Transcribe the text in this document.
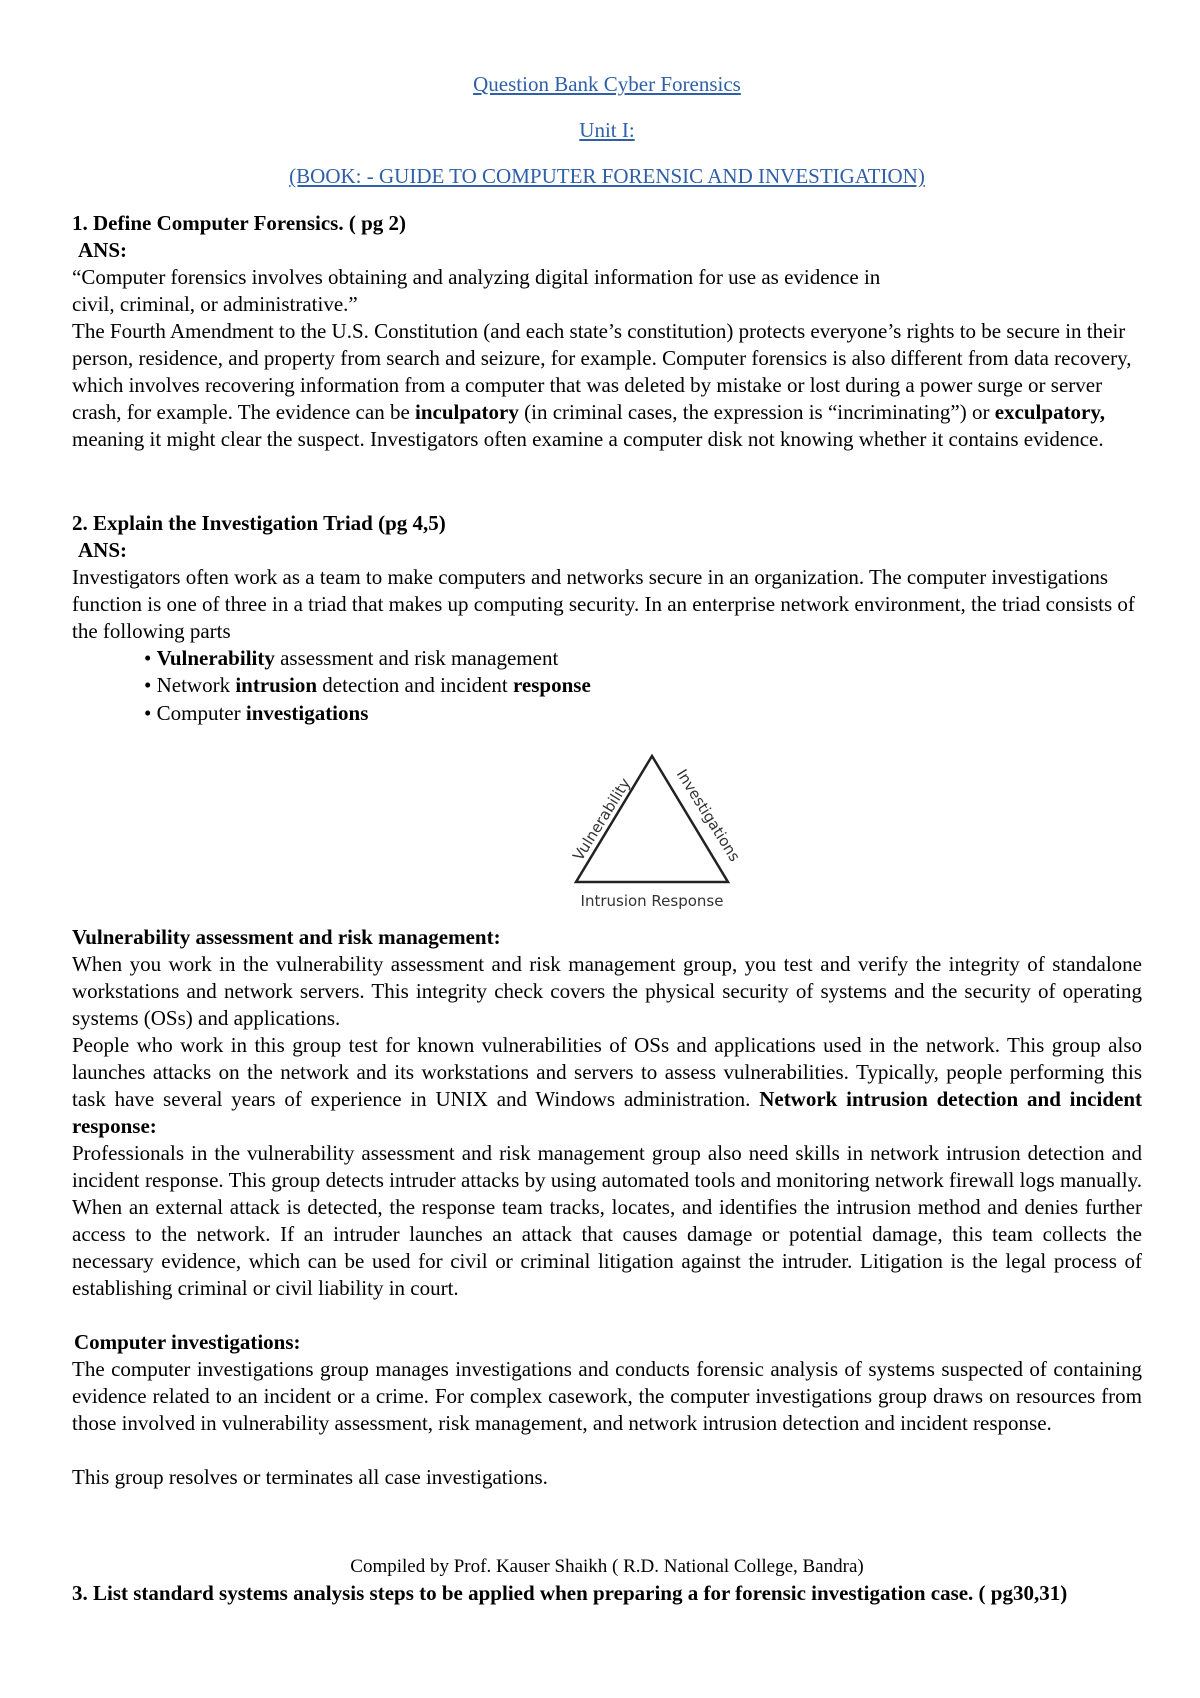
Question Bank Cyber Forensics
Unit I:
(BOOK: - GUIDE TO COMPUTER FORENSIC AND INVESTIGATION)
1. Define Computer Forensics. ( pg 2)
ANS:
“Computer forensics involves obtaining and analyzing digital information for use as evidence in
civil, criminal, or administrative.”
The Fourth Amendment to the U.S. Constitution (and each state’s constitution) protects everyone’s rights to be secure in their person, residence, and property from search and seizure, for example. Computer forensics is also different from data recovery, which involves recovering information from a computer that was deleted by mistake or lost during a power surge or server crash, for example. The evidence can be inculpatory (in criminal cases, the expression is “incriminating”) or exculpatory, meaning it might clear the suspect. Investigators often examine a computer disk not knowing whether it contains evidence.
2. Explain the Investigation Triad (pg 4,5)
ANS:
Investigators often work as a team to make computers and networks secure in an organization. The computer investigations function is one of three in a triad that makes up computing security. In an enterprise network environment, the triad consists of the following parts
• Vulnerability assessment and risk management
• Network intrusion detection and incident response
• Computer investigations
Vulnerability	Investigations
Intrusion Response
Vulnerability assessment and risk management:
When you work in the vulnerability assessment and risk management group, you test and verify the integrity of standalone workstations and network servers. This integrity check covers the physical security of systems and the security of operating systems (OSs) and applications.
People who work in this group test for known vulnerabilities of OSs and applications used in the network. This group also launches attacks on the network and its workstations and servers to assess vulnerabilities. Typically, people performing this task have several years of experience in UNIX and Windows administration. Network intrusion detection and incident response:
Professionals in the vulnerability assessment and risk management group also need skills in network intrusion detection and incident response. This group detects intruder attacks by using automated tools and monitoring network firewall logs manually. When an external attack is detected, the response team tracks, locates, and identifies the intrusion method and denies further access to the network. If an intruder launches an attack that causes damage or potential damage, this team collects the necessary evidence, which can be used for civil or criminal litigation against the intruder. Litigation is the legal process of establishing criminal or civil liability in court.
Computer investigations:
The computer investigations group manages investigations and conducts forensic analysis of systems suspected of containing evidence related to an incident or a crime. For complex casework, the computer investigations group draws on resources from those involved in vulnerability assessment, risk management, and network intrusion detection and incident response.
This group resolves or terminates all case investigations.
Compiled by Prof. Kauser Shaikh ( R.D. National College, Bandra)
3. List standard systems analysis steps to be applied when preparing a for forensic investigation case. ( pg30,31)
